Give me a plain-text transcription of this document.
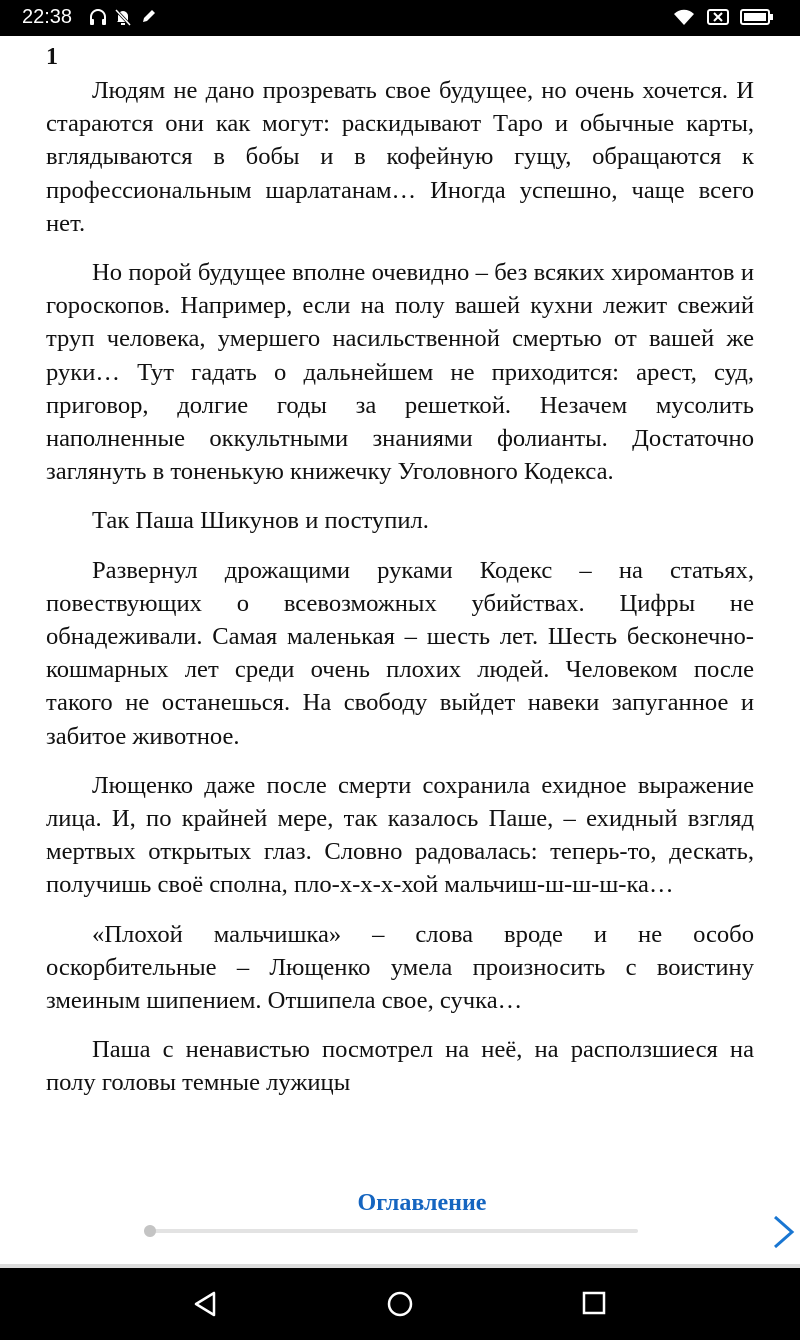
22:38
1

Людям не дано прозревать свое будущее, но очень хочется. И стараются они как могут: раскидывают Таро и обычные карты, вглядываются в бобы и в кофейную гущу, обращаются к профессиональным шарлатанам… Иногда успешно, чаще всего нет.

Но порой будущее вполне очевидно – без всяких хиромантов и гороскопов. Например, если на полу вашей кухни лежит свежий труп человека, умершего насильственной смертью от вашей же руки… Тут гадать о дальнейшем не приходится: арест, суд, приговор, долгие годы за решеткой. Незачем мусолить наполненные оккультными знаниями фолианты. Достаточно заглянуть в тоненькую книжечку Уголовного Кодекса.

Так Паша Шикунов и поступил.

Развернул дрожащими руками Кодекс – на статьях, повествующих о всевозможных убийствах. Цифры не обнадеживали. Самая маленькая – шесть лет. Шесть бесконечно-кошмарных лет среди очень плохих людей. Человеком после такого не останешься. На свободу выйдет навеки запуганное и забитое животное.

Лющенко даже после смерти сохранила ехидное выражение лица. И, по крайней мере, так казалось Паше, – ехидный взгляд мертвых открытых глаз. Словно радовалась: теперь-то, дескать, получишь своё сполна, пло-х-х-х-хой мальчиш-ш-ш-ш-ка…

«Плохой мальчишка» – слова вроде и не особо оскорбительные – Лющенко умела произносить с воистину змеиным шипением. Отшипела свое, сучка…

Паша с ненавистью посмотрел на неё, на расползшиеся на полу головы темные лужицы

Оглавление
